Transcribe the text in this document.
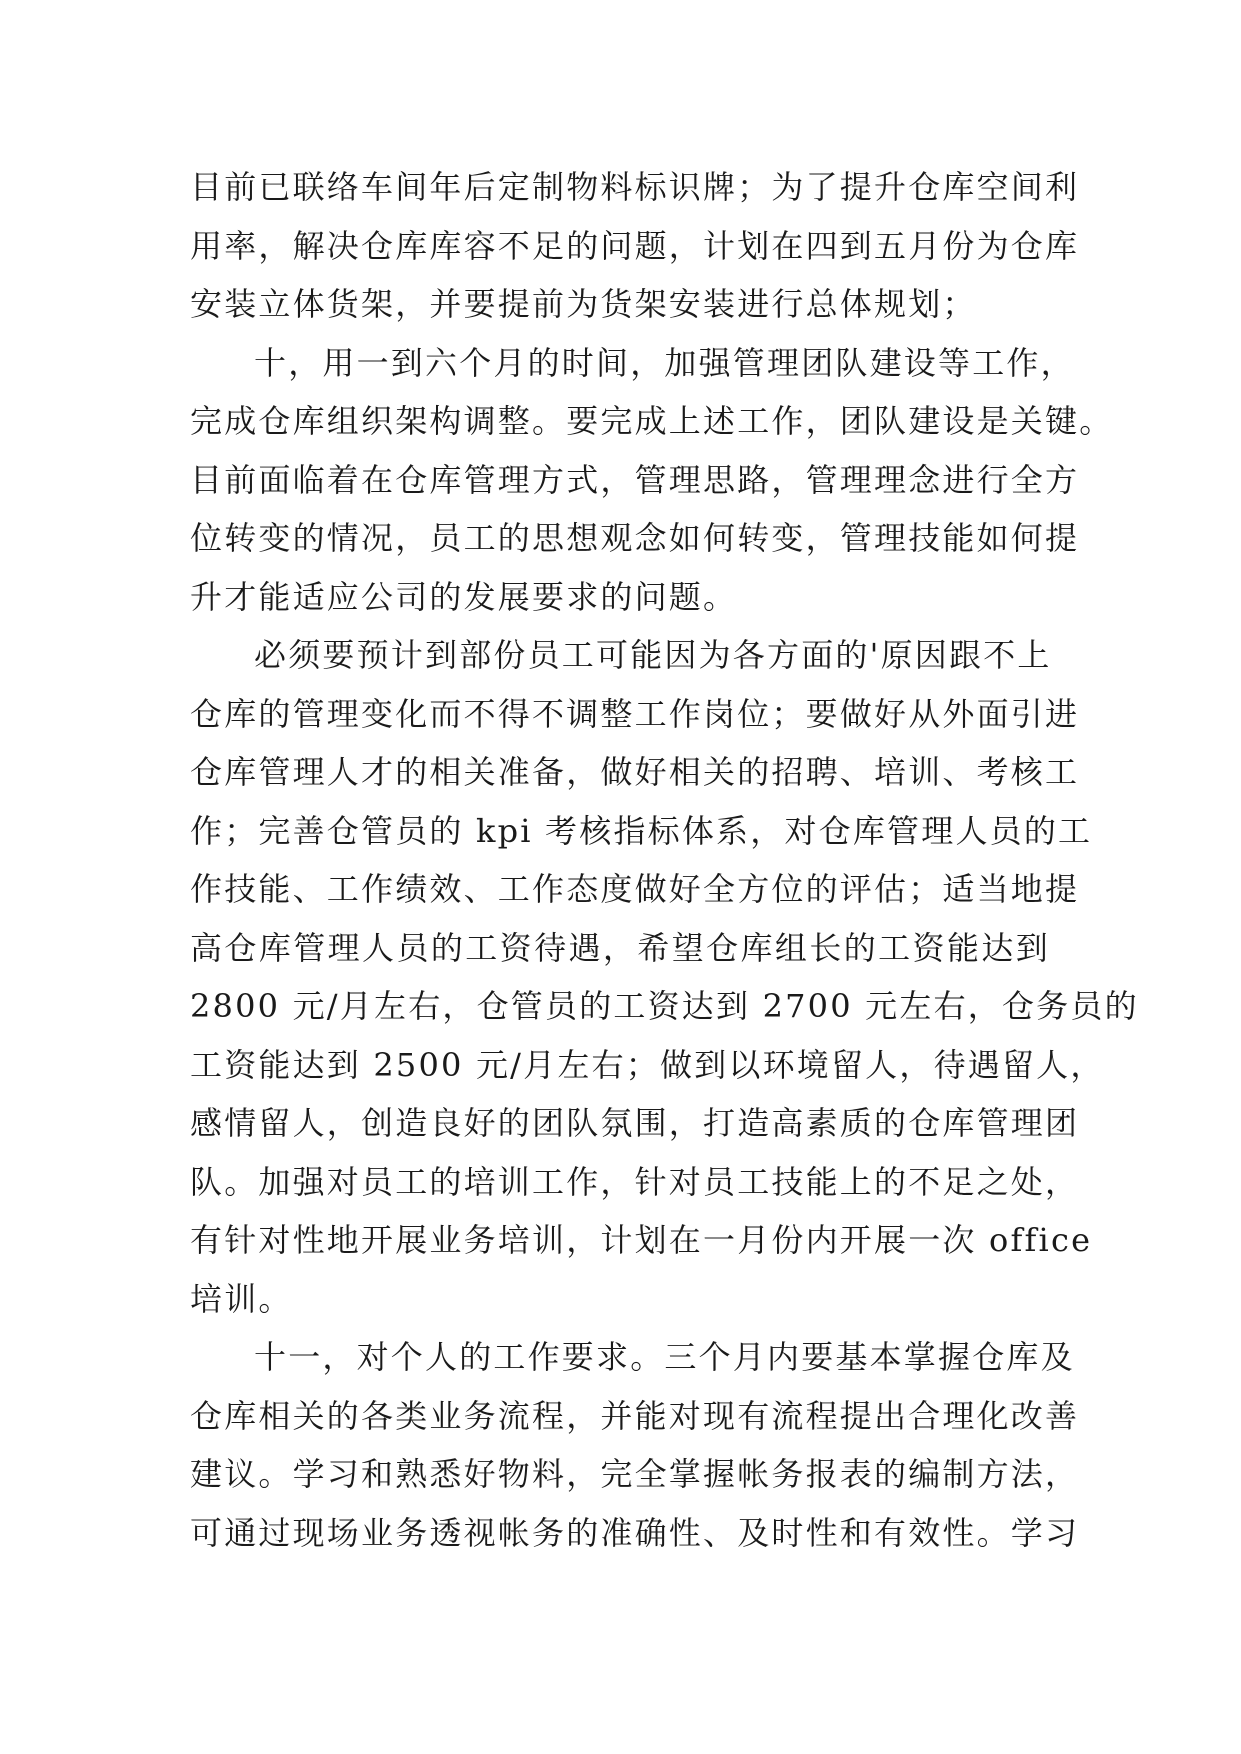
目前已联络车间年后定制物料标识牌；为了提升仓库空间利
用率，解决仓库库容不足的问题，计划在四到五月份为仓库
安装立体货架，并要提前为货架安装进行总体规划；
十，用一到六个月的时间，加强管理团队建设等工作，
完成仓库组织架构调整。要完成上述工作，团队建设是关键。
目前面临着在仓库管理方式，管理思路，管理理念进行全方
位转变的情况，员工的思想观念如何转变，管理技能如何提
升才能适应公司的发展要求的问题。
必须要预计到部份员工可能因为各方面的'原因跟不上
仓库的管理变化而不得不调整工作岗位；要做好从外面引进
仓库管理人才的相关准备，做好相关的招聘、培训、考核工
作；完善仓管员的 kpi 考核指标体系，对仓库管理人员的工
作技能、工作绩效、工作态度做好全方位的评估；适当地提
高仓库管理人员的工资待遇，希望仓库组长的工资能达到
2800 元/月左右，仓管员的工资达到 2700 元左右，仓务员的
工资能达到 2500 元/月左右；做到以环境留人，待遇留人，
感情留人，创造良好的团队氛围，打造高素质的仓库管理团
队。加强对员工的培训工作，针对员工技能上的不足之处，
有针对性地开展业务培训，计划在一月份内开展一次 office
培训。
十一，对个人的工作要求。三个月内要基本掌握仓库及
仓库相关的各类业务流程，并能对现有流程提出合理化改善
建议。学习和熟悉好物料，完全掌握帐务报表的编制方法，
可通过现场业务透视帐务的准确性、及时性和有效性。学习
